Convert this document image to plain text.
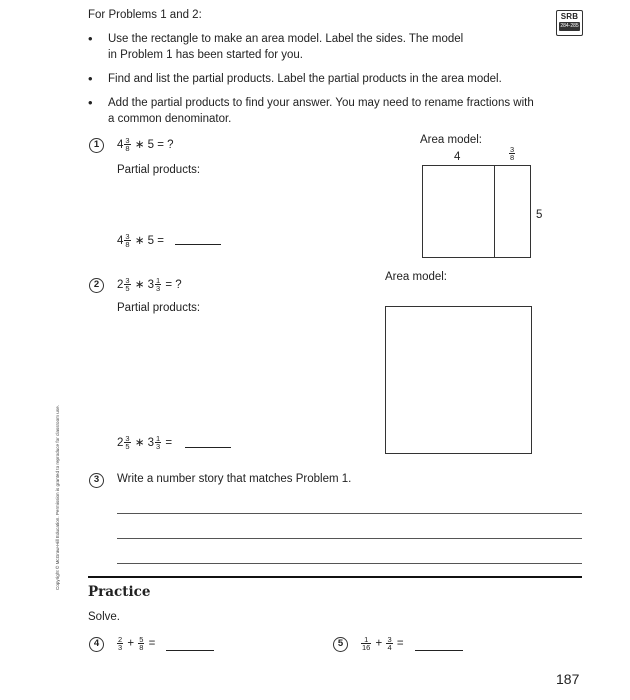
For Problems 1 and 2:	SRB
284-285
• Use the rectangle to make an area model. Label the sides. The model
in Problem 1 has been started for you.
• Find and list the partial products. Label the partial products in the area model.
• Add the partial products to find your answer. You may need to rename fractions with
a common denominator.
1	$4 \frac{3}{8}$ ∗ 5 = ?
Partial products:
$4 \frac{3}{8}$ ∗ 5 =
Area model:
4	$\frac{3}{8}$
5
2	$2 \frac{3}{5}$ ∗ $3 \frac{1}{3}$ = ?
Partial products:
$2 \frac{3}{5}$ ∗ $3 \frac{1}{3}$ =
Area model:
3	Write a number story that matches Problem 1.
Practice
Solve.
4	$\frac{2}{3} + \frac{5}{8}$ =	5	$\frac{1}{16} + \frac{3}{4}$ =
187
Copyright © McGraw-Hill Education. Permission is granted to reproduce for classroom use.
